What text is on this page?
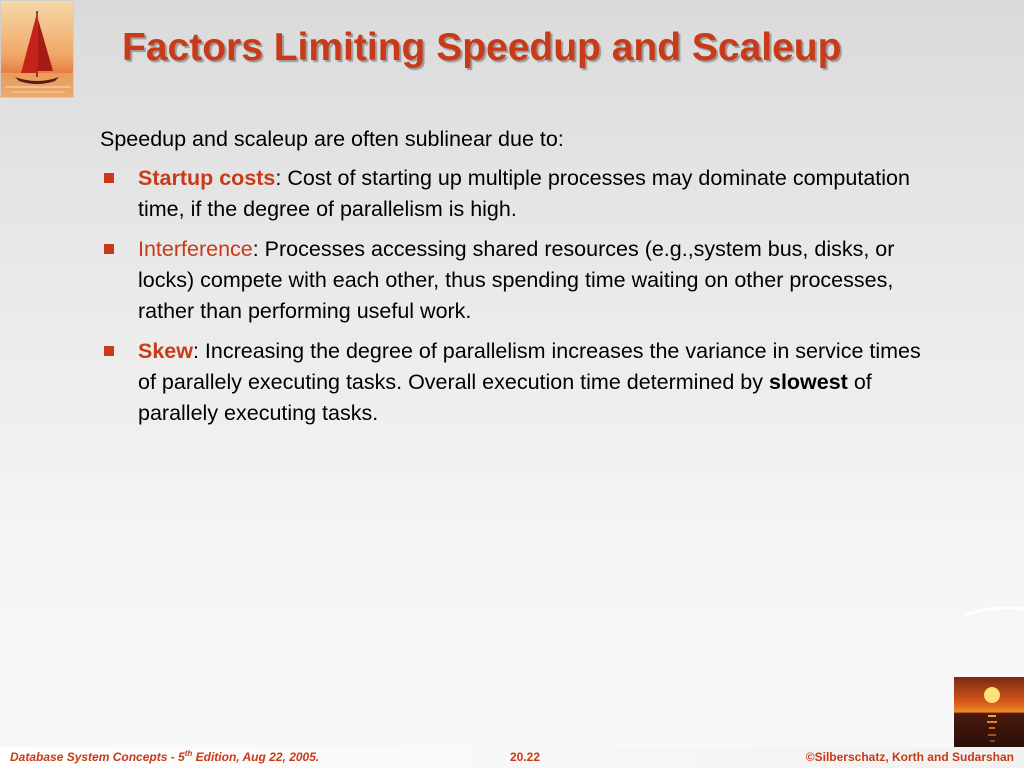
Factors Limiting Speedup and Scaleup

Speedup and scaleup are often sublinear due to:

Startup costs: Cost of starting up multiple processes may dominate computation time, if the degree of parallelism is high.
Interference: Processes accessing shared resources (e.g.,system bus, disks, or locks) compete with each other, thus spending time waiting on other processes, rather than performing useful work.
Skew: Increasing the degree of parallelism increases the variance in service times of parallely executing tasks. Overall execution time determined by slowest of parallely executing tasks.
Database System Concepts - 5th Edition, Aug 22, 2005.	20.22	©Silberschatz, Korth and Sudarshan
